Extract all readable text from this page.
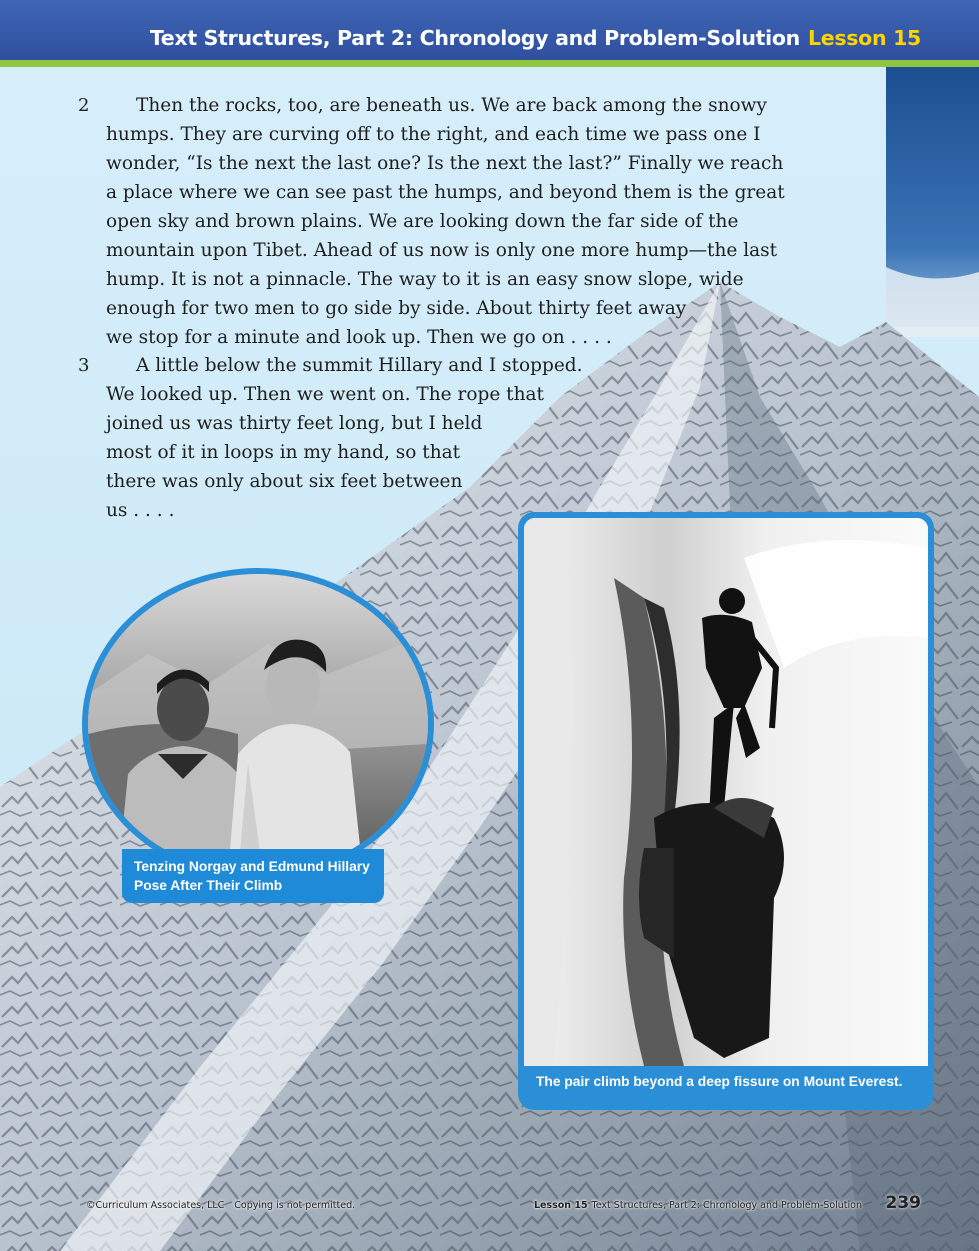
Text Structures, Part 2: Chronology and Problem-Solution Lesson 15
2	Then the rocks, too, are beneath us. We are back among the snowy
humps. They are curving off to the right, and each time we pass one I
wonder, “Is the next the last one? Is the next the last?” Finally we reach
a place where we can see past the humps, and beyond them is the great
open sky and brown plains. We are looking down the far side of the
mountain upon Tibet. Ahead of us now is only one more hump—the last
hump. It is not a pinnacle. The way to it is an easy snow slope, wide
enough for two men to go side by side. About thirty feet away
we stop for a minute and look up. Then we go on . . . .
3	A little below the summit Hillary and I stopped.
We looked up. Then we went on. The rope that
joined us was thirty feet long, but I held
most of it in loops in my hand, so that
there was only about six feet between
us . . . .
Tenzing Norgay and Edmund Hillary
Pose After Their Climb
The pair climb beyond a deep fissure on Mount Everest.
©Curriculum Associates, LLC Copying is not permitted.	Lesson 15 Text Structures, Part 2: Chronology and Problem-Solution 239
